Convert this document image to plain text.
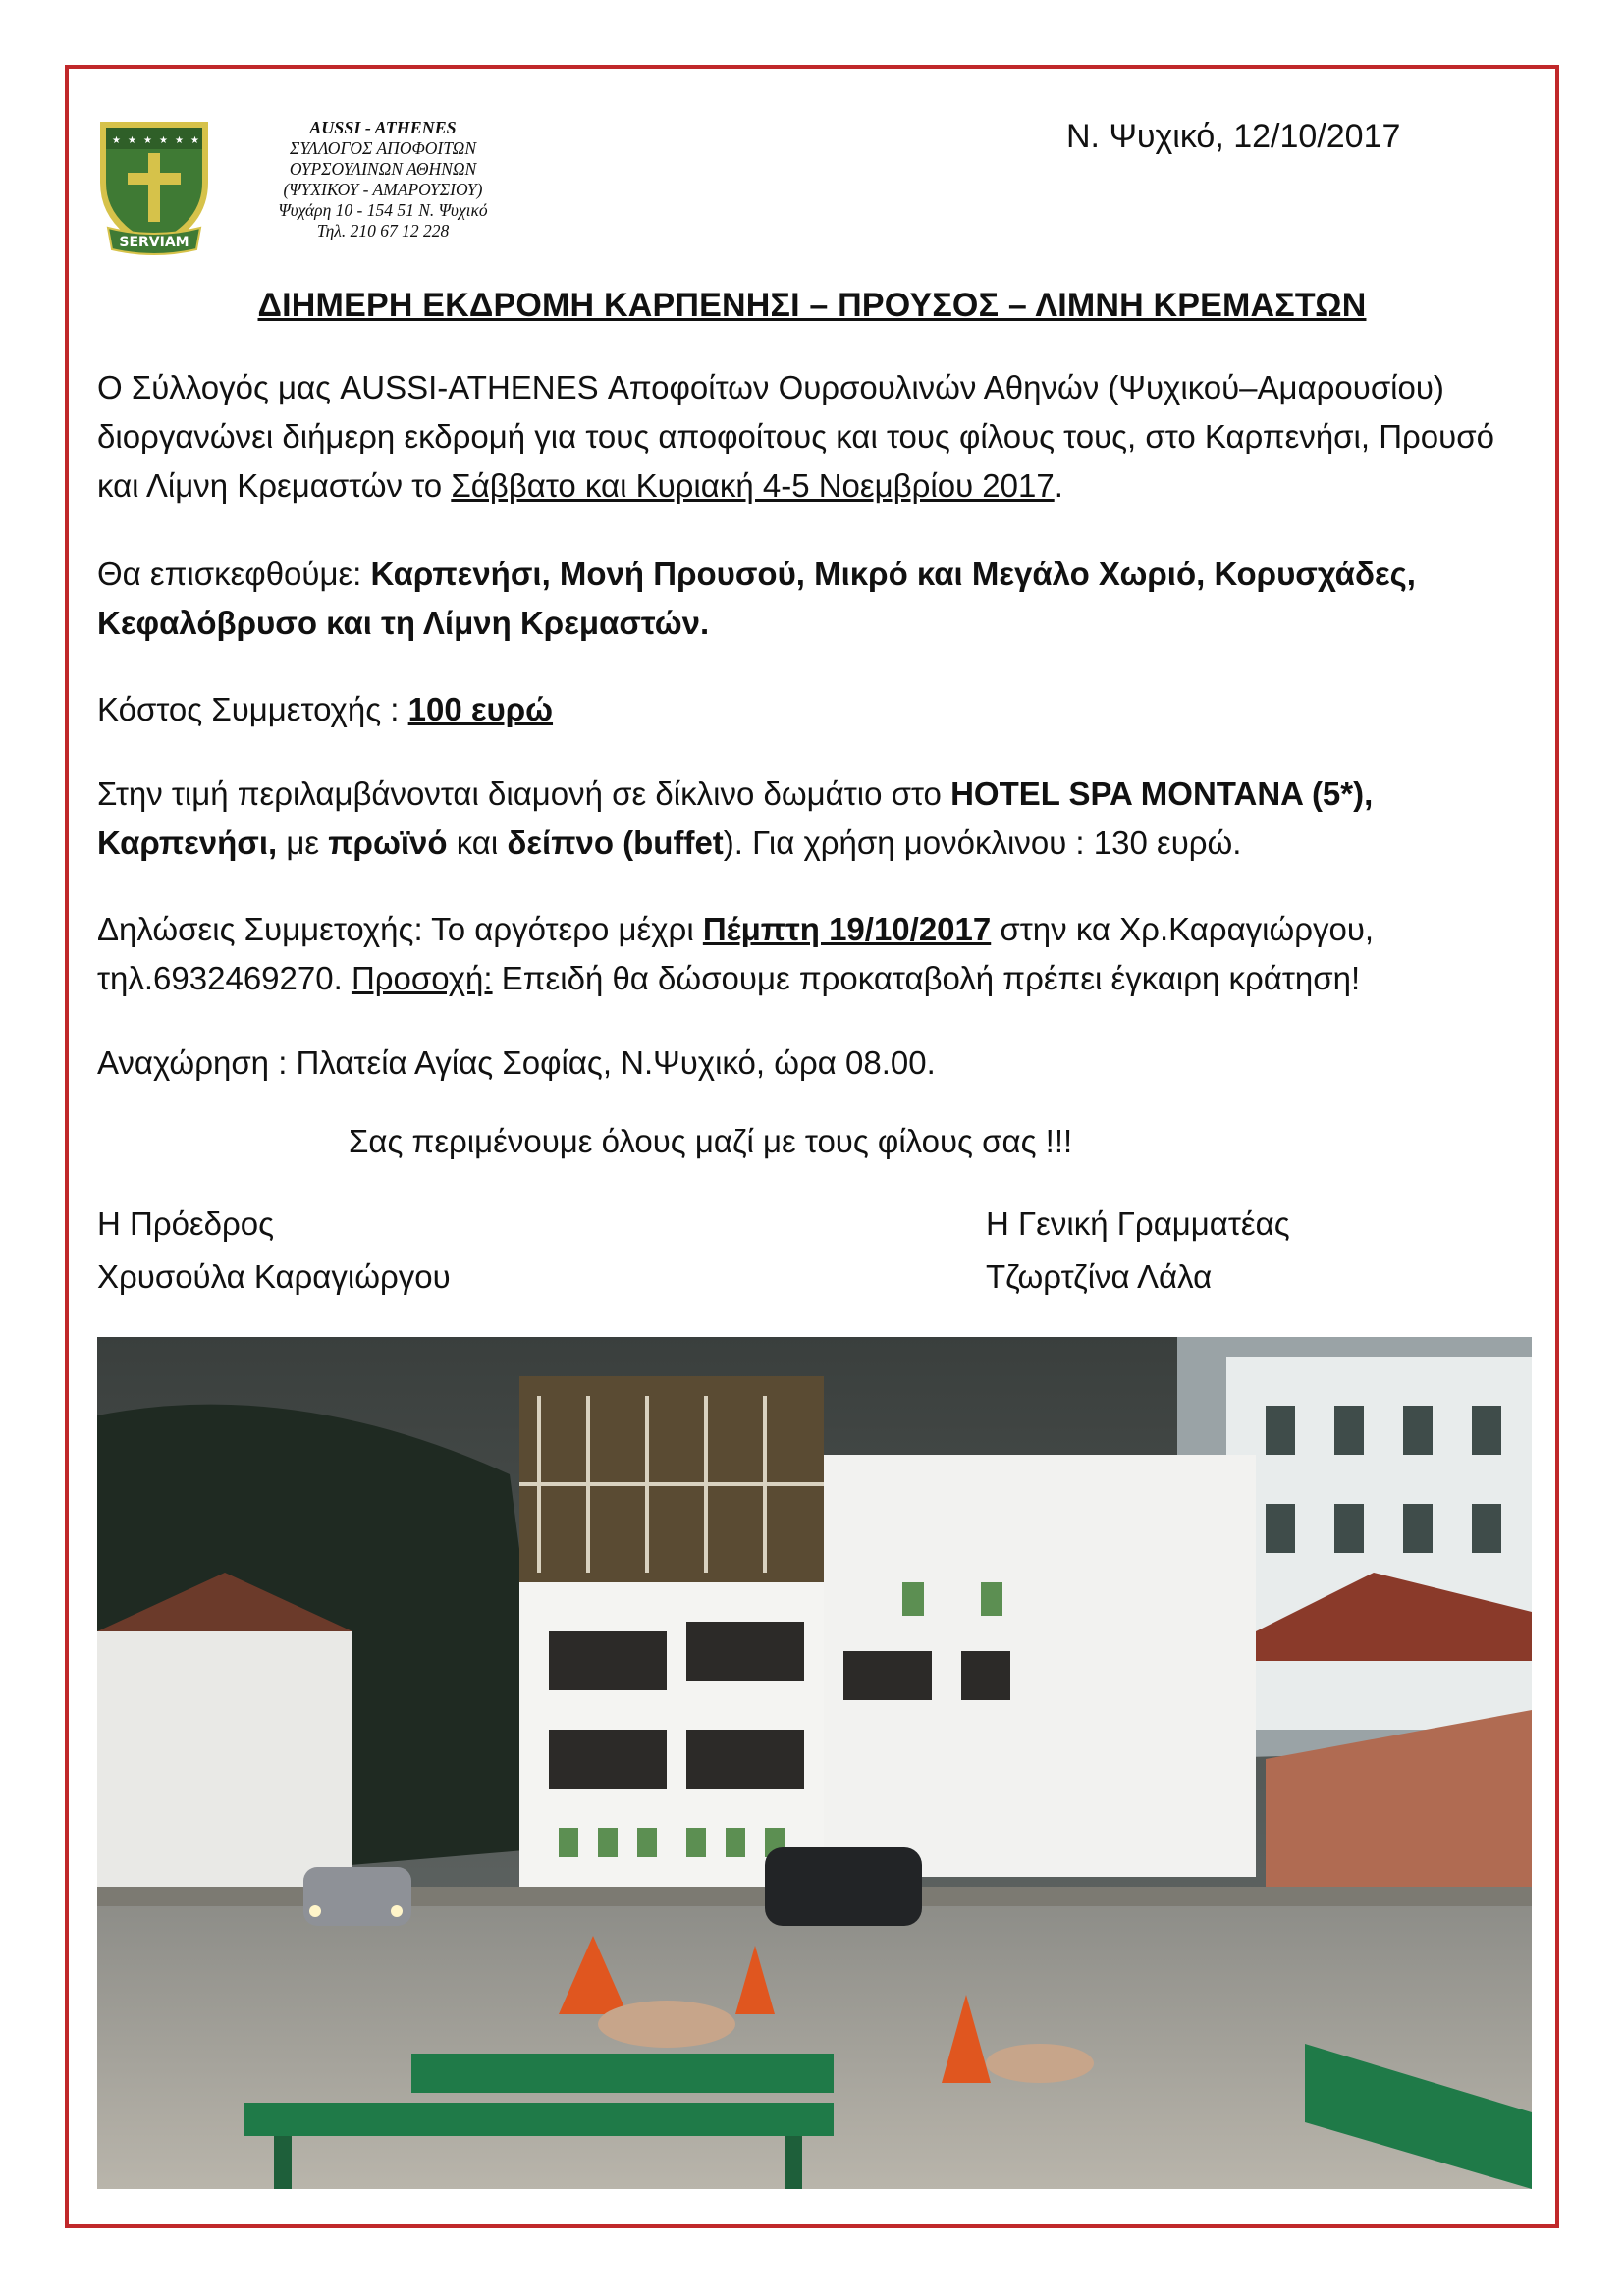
★ ★ ★ ★ ★ ★
SERVIAM
AUSSI - ATHENES
ΣΥΛΛΟΓΟΣ ΑΠΟΦΟΙΤΩΝ
ΟΥΡΣΟΥΛΙΝΩΝ ΑΘΗΝΩΝ
(ΨΥΧΙΚΟΥ - ΑΜΑΡΟΥΣΙΟΥ)
Ψυχάρη 10 - 154 51 Ν. Ψυχικό
Τηλ. 210 67 12 228
Ν. Ψυχικό, 12/10/2017
ΔΙΗΜΕΡΗ ΕΚΔΡΟΜΗ ΚΑΡΠΕΝΗΣΙ – ΠΡΟΥΣΟΣ – ΛΙΜΝΗ ΚΡΕΜΑΣΤΩΝ
Ο Σύλλογός μας AUSSI-ATHENES Αποφοίτων Ουρσουλινών Αθηνών (Ψυχικού–Αμαρουσίου) διοργανώνει διήμερη εκδρομή για τους αποφοίτους και τους φίλους τους, στο Καρπενήσι, Προυσό και Λίμνη Κρεμαστών το Σάββατο και Κυριακή 4-5 Νοεμβρίου 2017.
Θα επισκεφθούμε: Καρπενήσι, Μονή Προυσού, Μικρό και Μεγάλο Χωριό, Κορυσχάδες, Κεφαλόβρυσο και τη Λίμνη Κρεμαστών.
Κόστος Συμμετοχής : 100 ευρώ
Στην τιμή περιλαμβάνονται διαμονή σε δίκλινο δωμάτιο στο HOTEL SPA MONTANA (5*), Καρπενήσι, με πρωϊνό και δείπνο (buffet). Για χρήση μονόκλινου : 130 ευρώ.
Δηλώσεις Συμμετοχής: Το αργότερο μέχρι Πέμπτη 19/10/2017 στην κα Χρ.Καραγιώργου, τηλ.6932469270. Προσοχή: Επειδή θα δώσουμε προκαταβολή πρέπει έγκαιρη κράτηση!
Αναχώρηση : Πλατεία Αγίας Σοφίας, Ν.Ψυχικό, ώρα 08.00.
Σας περιμένουμε όλους μαζί με τους φίλους σας !!!
Η Πρόεδρος
Χρυσούλα Καραγιώργου
Η Γενική Γραμματέας
Τζωρτζίνα Λάλα
